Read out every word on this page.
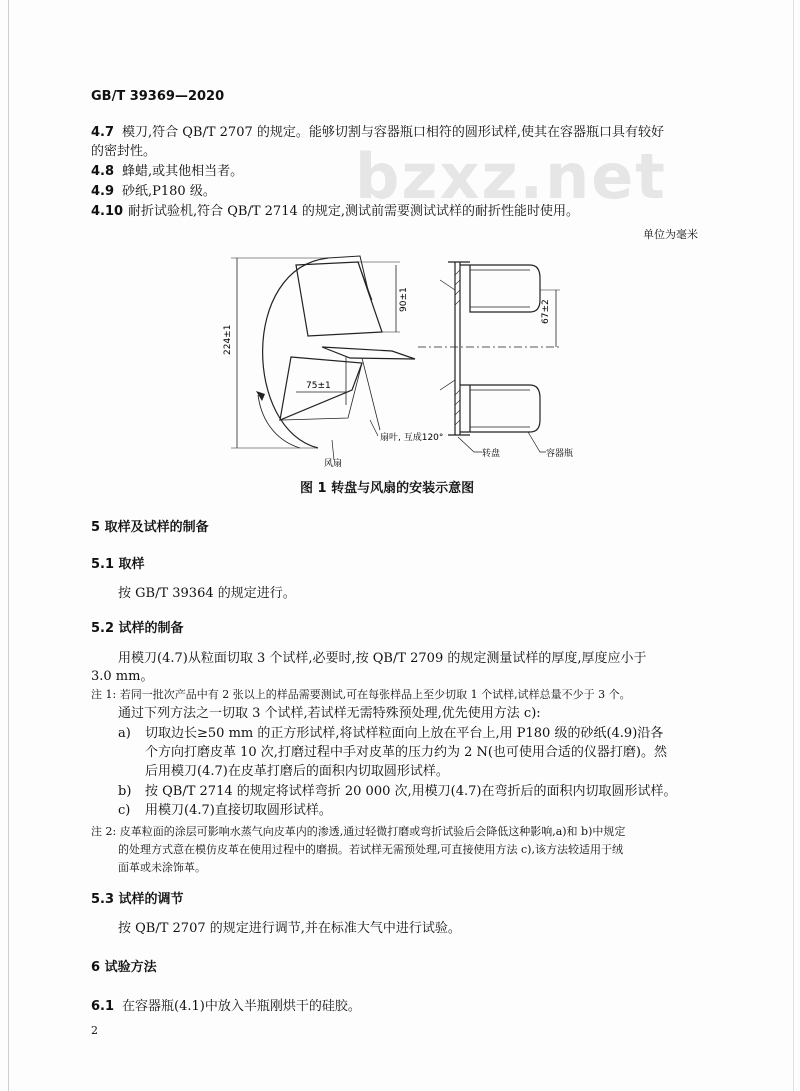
bzxz.net
GB/T 39369—2020
4.7 模刀,符合 QB/T 2707 的规定。能够切割与容器瓶口相符的圆形试样,使其在容器瓶口具有较好
的密封性。
4.8 蜂蜡,或其他相当者。
4.9 砂纸,P180 级。
4.10 耐折试验机,符合 QB/T 2714 的规定,测试前需要测试试样的耐折性能时使用。
单位为毫米
224±1
90±1
75±1
扇叶, 互成120°
风扇
67±2
转盘	容器瓶
图 1 转盘与风扇的安装示意图
5 取样及试样的制备
5.1 取样
按 GB/T 39364 的规定进行。
5.2 试样的制备
用模刀(4.7)从粒面切取 3 个试样,必要时,按 QB/T 2709 的规定测量试样的厚度,厚度应小于
3.0 mm。
注 1: 若同一批次产品中有 2 张以上的样品需要测试,可在每张样品上至少切取 1 个试样,试样总量不少于 3 个。
通过下列方法之一切取 3 个试样,若试样无需特殊预处理,优先使用方法 c):
a) 切取边长≥50 mm 的正方形试样,将试样粒面向上放在平台上,用 P180 级的砂纸(4.9)沿各
个方向打磨皮革 10 次,打磨过程中手对皮革的压力约为 2 N(也可使用合适的仪器打磨)。然
后用模刀(4.7)在皮革打磨后的面积内切取圆形试样。
b) 按 QB/T 2714 的规定将试样弯折 20 000 次,用模刀(4.7)在弯折后的面积内切取圆形试样。
c) 用模刀(4.7)直接切取圆形试样。
注 2: 皮革粒面的涂层可影响水蒸气向皮革内的渗透,通过轻微打磨或弯折试验后会降低这种影响,a)和 b)中规定
的处理方式意在模仿皮革在使用过程中的磨损。若试样无需预处理,可直接使用方法 c),该方法较适用于绒
面革或未涂饰革。
5.3 试样的调节
按 QB/T 2707 的规定进行调节,并在标准大气中进行试验。
6 试验方法
6.1 在容器瓶(4.1)中放入半瓶刚烘干的硅胶。
2
